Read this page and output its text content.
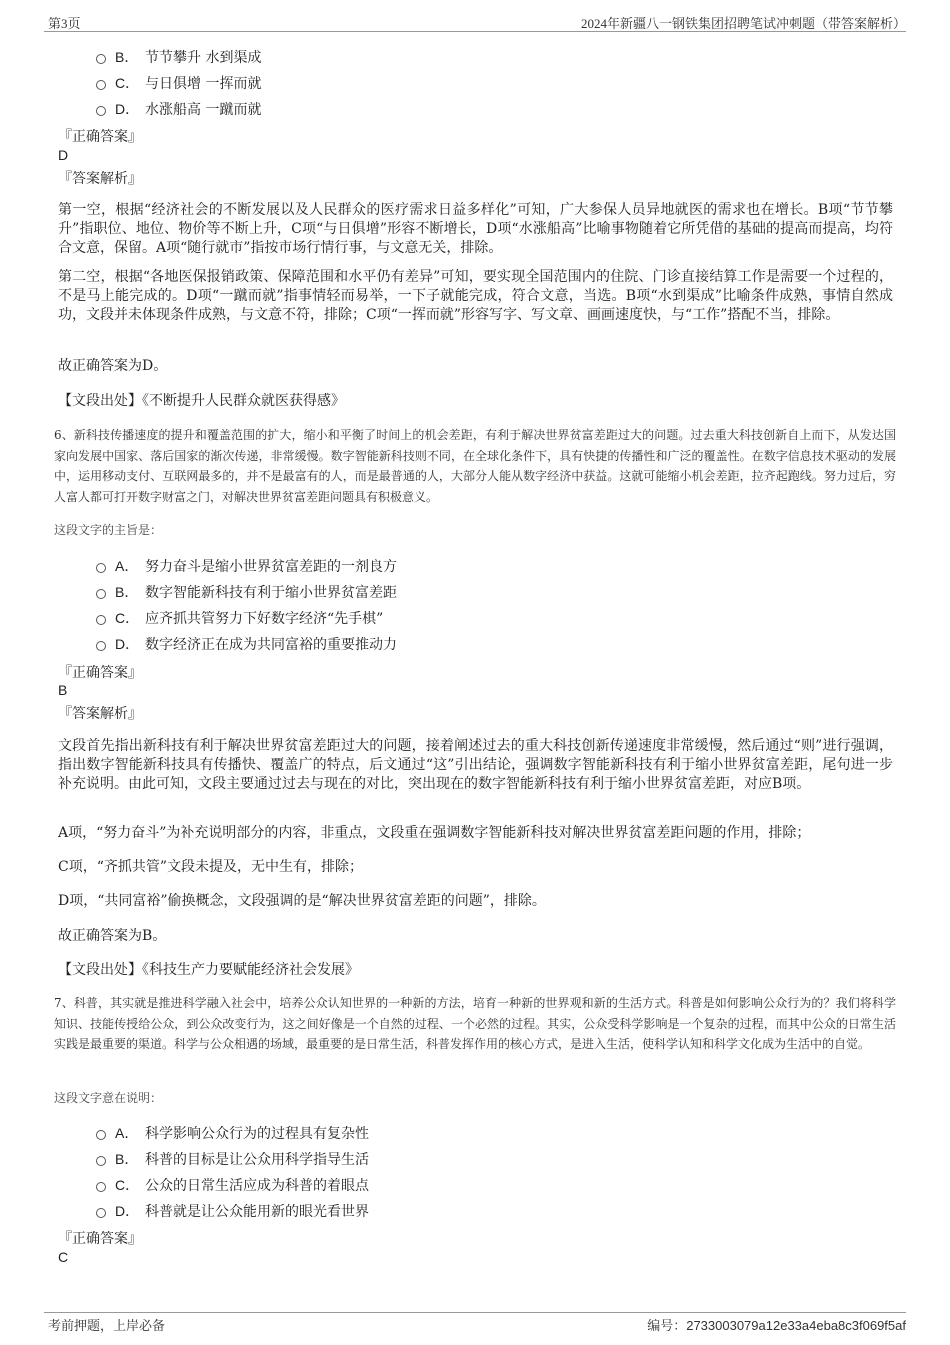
第3页	2024年新疆八一钢铁集团招聘笔试冲刺题（带答案解析）
B． 节节攀升 水到渠成
C． 与日俱增 一挥而就
D． 水涨船高 一蹴而就
『正确答案』
D
『答案解析』
第一空，根据“经济社会的不断发展以及人民群众的医疗需求日益多样化”可知，广大参保人员异地就医的需求也在增长。B项“节节攀升”指职位、地位、物价等不断上升，C项“与日俱增”形容不断增长，D项“水涨船高”比喻事物随着它所凭借的基础的提高而提高，均符合文意，保留。A项“随行就市”指按市场行情行事，与文意无关，排除。
第二空，根据“各地医保报销政策、保障范围和水平仍有差异”可知，要实现全国范围内的住院、门诊直接结算工作是需要一个过程的，不是马上能完成的。D项“一蹴而就”指事情轻而易举，一下子就能完成，符合文意，当选。B项“水到渠成”比喻条件成熟，事情自然成功，文段并未体现条件成熟，与文意不符，排除；C项“一挥而就”形容写字、写文章、画画速度快，与“工作”搭配不当，排除。
故正确答案为D。
【文段出处】《不断提升人民群众就医获得感》
6、新科技传播速度的提升和覆盖范围的扩大，缩小和平衡了时间上的机会差距，有利于解决世界贫富差距过大的问题。过去重大科技创新自上而下，从发达国家向发展中国家、落后国家的渐次传递，非常缓慢。数字智能新科技则不同，在全球化条件下，具有快捷的传播性和广泛的覆盖性。在数字信息技术驱动的发展中，运用移动支付、互联网最多的，并不是最富有的人，而是最普通的人，大部分人能从数字经济中获益。这就可能缩小机会差距，拉齐起跑线。努力过后，穷人富人都可打开数字财富之门，对解决世界贫富差距问题具有积极意义。
这段文字的主旨是：
A． 努力奋斗是缩小世界贫富差距的一剂良方
B． 数字智能新科技有利于缩小世界贫富差距
C． 应齐抓共管努力下好数字经济“先手棋”
D． 数字经济正在成为共同富裕的重要推动力
『正确答案』
B
『答案解析』
文段首先指出新科技有利于解决世界贫富差距过大的问题，接着阐述过去的重大科技创新传递速度非常缓慢，然后通过“则”进行强调，指出数字智能新科技具有传播快、覆盖广的特点，后文通过“这”引出结论，强调数字智能新科技有利于缩小世界贫富差距，尾句进一步补充说明。由此可知，文段主要通过过去与现在的对比，突出现在的数字智能新科技有利于缩小世界贫富差距，对应B项。
A项，“努力奋斗”为补充说明部分的内容，非重点，文段重在强调数字智能新科技对解决世界贫富差距问题的作用，排除；
C项，“齐抓共管”文段未提及，无中生有，排除；
D项，“共同富裕”偷换概念，文段强调的是“解决世界贫富差距的问题”，排除。
故正确答案为B。
【文段出处】《科技生产力要赋能经济社会发展》
7、科普，其实就是推进科学融入社会中，培养公众认知世界的一种新的方法，培育一种新的世界观和新的生活方式。科普是如何影响公众行为的？我们将科学知识、技能传授给公众，到公众改变行为，这之间好像是一个自然的过程、一个必然的过程。其实，公众受科学影响是一个复杂的过程，而其中公众的日常生活实践是最重要的渠道。科学与公众相遇的场域，最重要的是日常生活，科普发挥作用的核心方式，是进入生活，使科学认知和科学文化成为生活中的自觉。
这段文字意在说明：
A． 科学影响公众行为的过程具有复杂性
B． 科普的目标是让公众用科学指导生活
C． 公众的日常生活应成为科普的着眼点
D． 科普就是让公众能用新的眼光看世界
『正确答案』
C
考前押题，上岸必备	编号：2733003079a12e33a4eba8c3f069f5af
